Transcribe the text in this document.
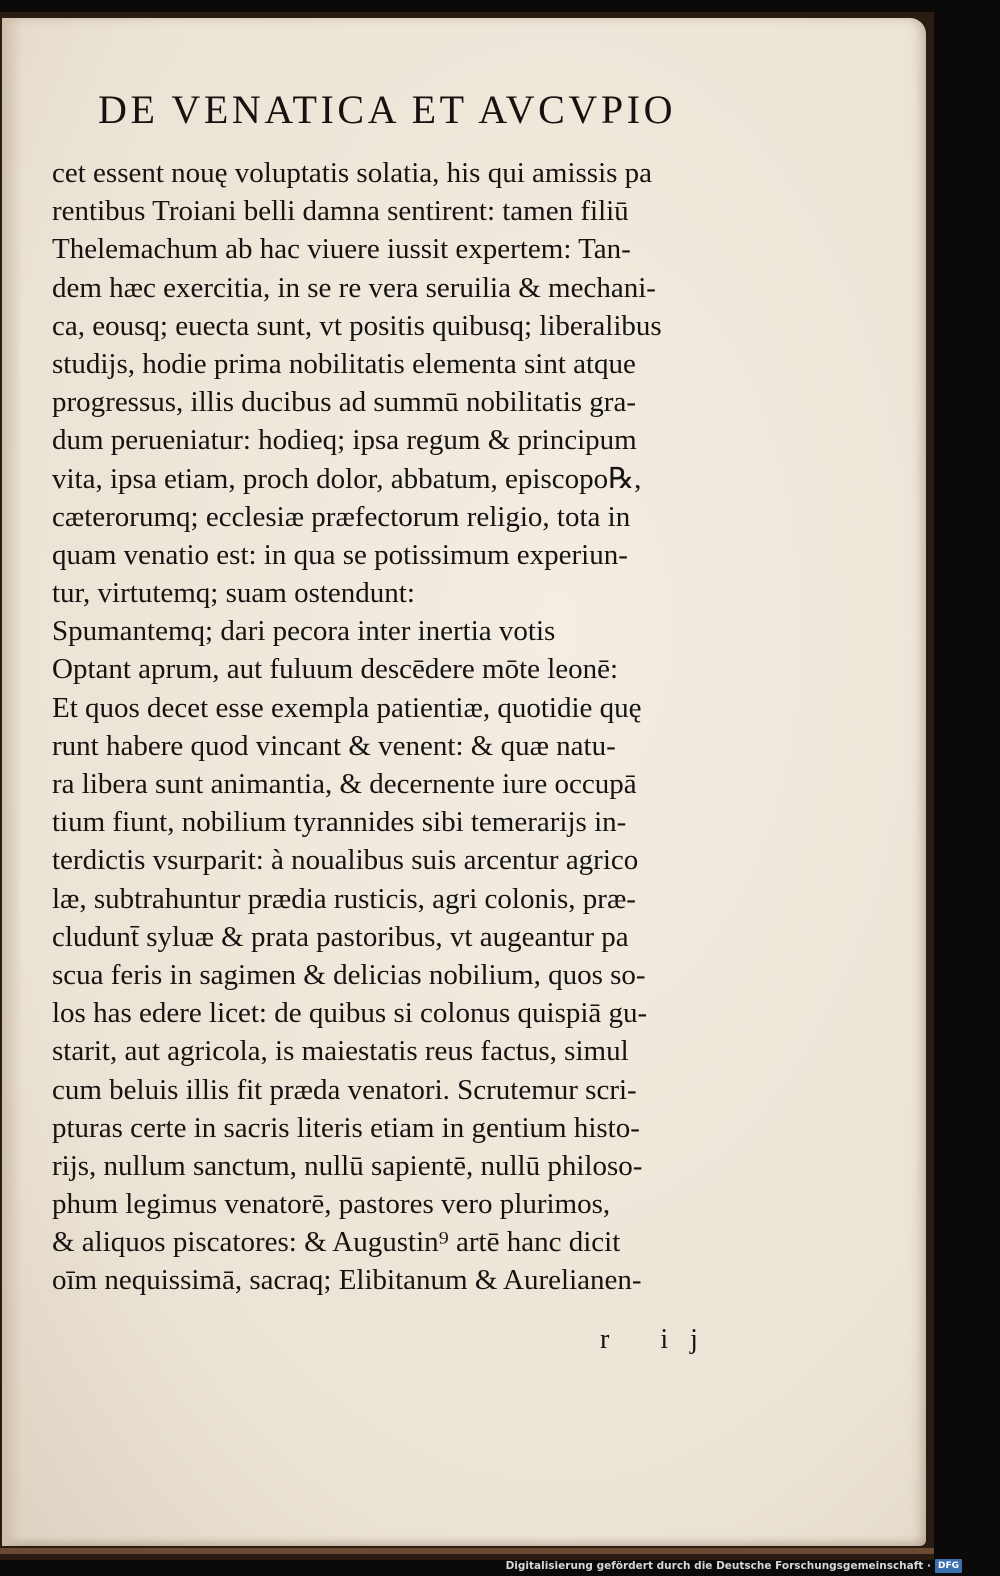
DE VENATICA ET AVCVPIO
cet essent nouę voluptatis solatia, his qui amissis pa
rentibus Troiani belli damna sentirent: tamen filiū
Thelemachum ab hac viuere iussit expertem: Tan-
dem hæc exercitia, in se re vera seruilia & mechani-
ca, eousq; euecta sunt, vt positis quibusq; liberalibus
studijs, hodie prima nobilitatis elementa sint atque
progressus, illis ducibus ad summū nobilitatis gra-
dum perueniatur: hodieq; ipsa regum & principum
vita, ipsa etiam, proch dolor, abbatum, episcopo℞,
cæterorumq; ecclesiæ præfectorum religio, tota in
quam venatio est: in qua se potissimum experiun-
tur, virtutemq; suam ostendunt:
Spumantemq; dari pecora inter inertia votis
Optant aprum, aut fuluum descēdere mōte leonē:
Et quos decet esse exempla patientiæ, quotidie quę
runt habere quod vincant & venent: & quæ natu-
ra libera sunt animantia, & decernente iure occupā
tium fiunt, nobilium tyrannides sibi temerarijs in-
terdictis vsurparit: à noualibus suis arcentur agrico
læ, subtrahuntur prædia rusticis, agri colonis, præ-
cludunt̄ syluæ & prata pastoribus, vt augeantur pa
scua feris in sagimen & delicias nobilium, quos so-
los has edere licet: de quibus si colonus quispiā gu-
starit, aut agricola, is maiestatis reus factus, simul
cum beluis illis fit præda venatori. Scrutemur scri-
pturas certe in sacris literis etiam in gentium histo-
rijs, nullum sanctum, nullū sapientē, nullū philoso-
phum legimus venatorē, pastores vero plurimos,
& aliquos piscatores: & Augustin⁹ artē hanc dicit
oīm nequissimā, sacraq; Elibitanum & Aurelianen-
r ij
Digitalisierung gefördert durch die Deutsche Forschungsgemeinschaft · DFG
